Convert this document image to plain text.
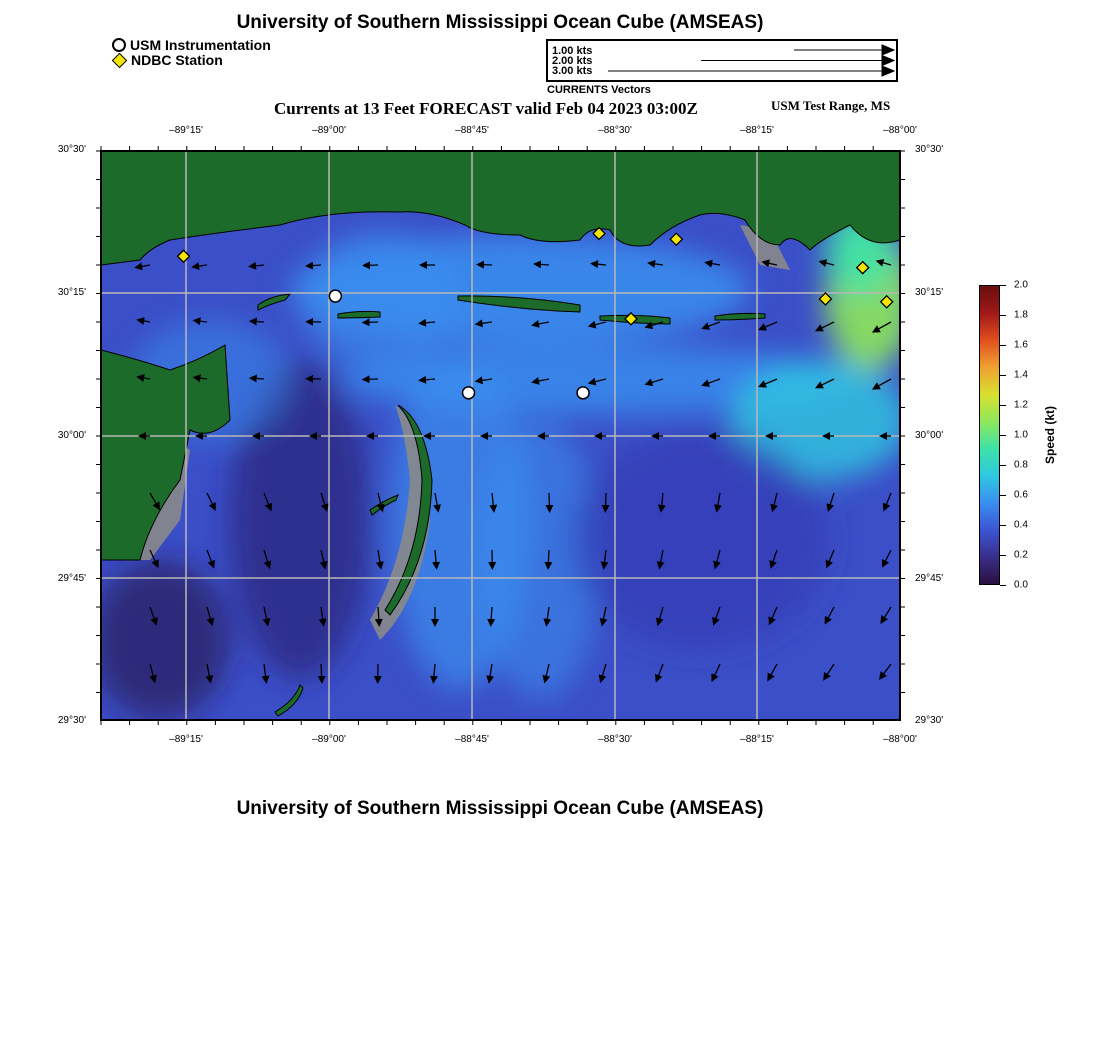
University of Southern Mississippi Ocean Cube (AMSEAS)
USM Instrumentation
NDBC Station
1.00 kts
2.00 kts
3.00 kts
CURRENTS Vectors
Currents at 13 Feet FORECAST valid Feb 04 2023 03:00Z	USM Test Range, MS
‒89°15'	‒89°00'	‒88°45'	‒88°30'	‒88°15'	‒88°00'
‒89°15'	‒89°00'	‒88°45'	‒88°30'	‒88°15'	‒88°00'
30°30'
30°15'
30°00'
29°45'
29°30'
30°30'
30°15'
30°00'
29°45'
29°30'
2.0
1.8
1.6
1.4
1.2
1.0
0.8
0.6
0.4
0.2
0.0
Speed (kt)
University of Southern Mississippi Ocean Cube (AMSEAS)
